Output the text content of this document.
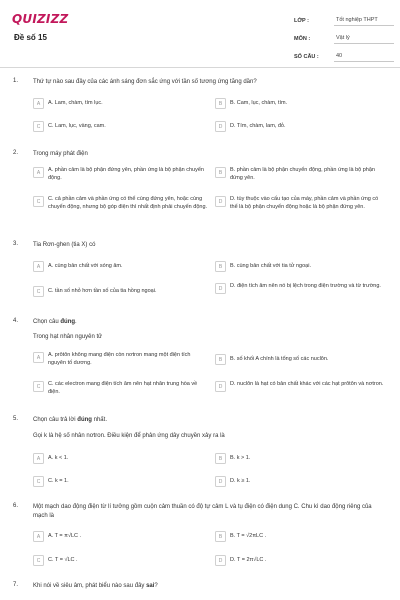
QUIZIZZ
Đề số 15
LỚP :	Tốt nghiệp THPT
MÔN :	Vật lý
SỐ CÂU :	40
1. Thứ tự nào sau đây của các ánh sáng đơn sắc ứng với tần số tương ứng tăng dần?
A	A. Lam, chàm, tím lục.	B	B. Cam, lục, chàm, tím.
C	C. Lam, lục, vàng, cam.	D	D. Tím, chàm, lam, đỏ.
2. Trong máy phát điện
A	A. phần cảm là bộ phận đứng yên, phần ứng là bộ phận chuyển động.
B	B. phần cảm là bộ phận chuyển động, phần ứng là bộ phận đứng yên.
C	C. cả phần cảm và phần ứng có thể cùng đứng yên, hoặc cùng chuyển động, nhưng bộ góp điện thì nhất định phải chuyển động.
D	D. tùy thuộc vào cấu tạo của máy, phần cảm và phần ứng có thể là bộ phận chuyển động hoặc là bộ phận đứng yên.
3. Tia Rơn-ghen (tia X) có
A	A. cùng bản chất với sóng âm.	B	B. cùng bản chất với tia tử ngoại.
C	C. tần số nhỏ hơn tần số của tia hồng ngoại.	D	D. điện tích âm nên nó bị lệch trong điện trường và từ trường.
4. Chọn câu đúng.
Trong hạt nhân nguyên tử
A	A. prôtôn không mang điện còn nơtron mang một điện tích nguyên tố dương.	B	B. số khối A chính là tổng số các nuclôn.
C	C. các electron mang điện tích âm nên hạt nhân trung hòa về điện.
D	D. nuclôn là hạt có bản chất khác với các hạt prôtôn và nơtron.
5. Chọn câu trả lời đúng nhất.
Gọi k là hệ số nhân nơtron. Điều kiện để phản ứng dây chuyền xảy ra là
A	A. k < 1.	B	B. k > 1.
C	C. k = 1.	D	D. k ≥ 1.
6. Một mạch dao động điện từ lí tưởng gồm cuộn cảm thuần có độ tự cảm L và tụ điện có điện dung C. Chu kì dao động riêng của mạch là
A	A. T = π√LC .	B	B. T = √2πLC .
C	C. T = √LC .	D	D. T = 2π√LC .
7. Khi nói về siêu âm, phát biểu nào sau đây sai?
